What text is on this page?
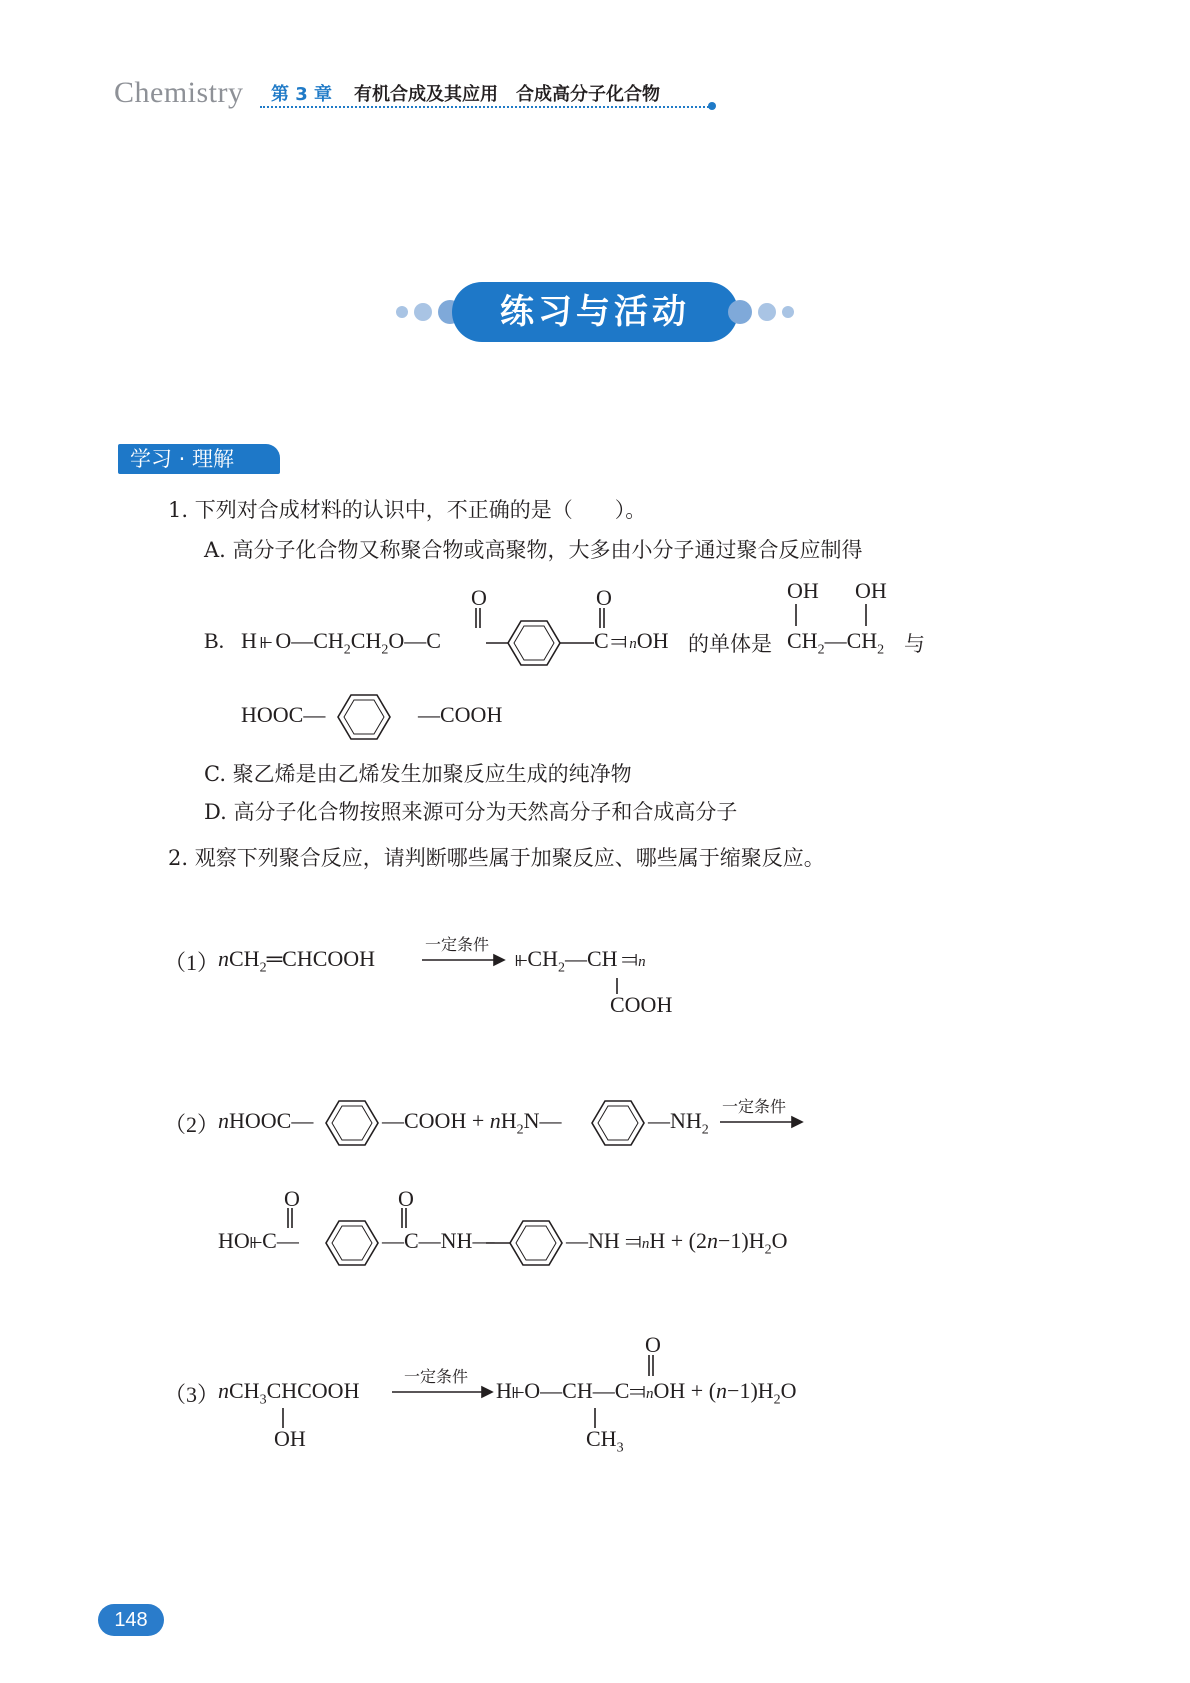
Chemistry 第 3 章 有机合成及其应用　合成高分子化合物
练习与活动
学习 · 理解
1. 下列对合成材料的认识中，不正确的是（　　）。
A. 高分子化合物又称聚合物或高聚物，大多由小分子通过聚合反应制得
B. H ⫦ $O—CH_2CH_2O—C$
O
C⫤ nOH
O
的单体是
OH OH
$CH_2—CH_2$ 与
HOOC—	—COOH
C. 聚乙烯是由乙烯发生加聚反应生成的纯净物
D. 高分子化合物按照来源可分为天然高分子和合成高分子
2. 观察下列聚合反应，请判断哪些属于加聚反应、哪些属于缩聚反应。
（1）
nCH$_2$═CHCOOH
一定条件
$⫦CH_2—CH$ ⫤n
COOH
（2）
nHOOC—	—COOH + $nH_2N—$	$—NH_2$
一定条件
HO⫦C—
O
—C—NH—
O
—NH ⫤nH + $(2n-1)H_2O$
（3）
nCH$_3$CHCOOH
OH
一定条件
H⫦O—CH—C⫤nOH + $(n-1)H_2O$
O
$CH_3$
148
